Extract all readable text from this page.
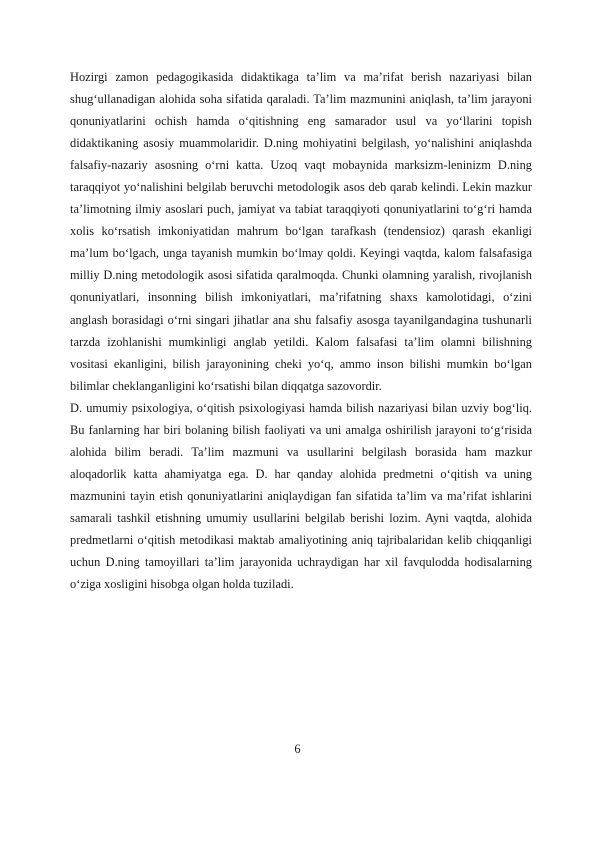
Hozirgi zamon pedagogikasida didaktikaga taʼlim va maʼrifat berish nazariyasi bilan shugʻullanadigan alohida soha sifatida qaraladi. Taʼlim mazmunini aniqlash, taʼlim jarayoni qonuniyatlarini ochish hamda oʻqitishning eng samarador usul va yoʻllarini topish didaktikaning asosiy muammolaridir. D.ning mohiyatini belgilash, yoʻnalishini aniqlashda falsafiy-nazariy asosning oʻrni katta. Uzoq vaqt mobaynida marksizm-leninizm D.ning taraqqiyot yoʻnalishini belgilab beruvchi metodologik asos deb qarab kelindi. Lekin mazkur taʼlimotning ilmiy asoslari puch, jamiyat va tabiat taraqqiyoti qonuniyatlarini toʻgʻri hamda xolis koʻrsatish imkoniyatidan mahrum boʻlgan tarafkash (tendensioz) qarash ekanligi maʼlum boʻlgach, unga tayanish mumkin boʻlmay qoldi. Keyingi vaqtda, kalom falsafasiga milliy D.ning metodologik asosi sifatida qaralmoqda. Chunki olamning yaralish, rivojlanish qonuniyatlari, insonning bilish imkoniyatlari, maʼrifatning shaxs kamolotidagi, oʻzini anglash borasidagi oʻrni singari jihatlar ana shu falsafiy asosga tayanilgandagina tushunarli tarzda izohlanishi mumkinligi anglab yetildi. Kalom falsafasi taʼlim olamni bilishning vositasi ekanligini, bilish jarayonining cheki yoʻq, ammo inson bilishi mumkin boʻlgan bilimlar cheklanganligini koʻrsatishi bilan diqqatga sazovordir.

D. umumiy psixologiya, oʻqitish psixologiyasi hamda bilish nazariyasi bilan uzviy bogʻliq. Bu fanlarning har biri bolaning bilish faoliyati va uni amalga oshirilish jarayoni toʻgʻrisida alohida bilim beradi. Taʼlim mazmuni va usullarini belgilash borasida ham mazkur aloqadorlik katta ahamiyatga ega. D. har qanday alohida predmetni oʻqitish va uning mazmunini tayin etish qonuniyatlarini aniqlaydigan fan sifatida taʼlim va maʼrifat ishlarini samarali tashkil etishning umumiy usullarini belgilab berishi lozim. Ayni vaqtda, alohida predmetlarni oʻqitish metodikasi maktab amaliyotining aniq tajribalaridan kelib chiqqanligi uchun D.ning tamoyillari taʼlim jarayonida uchraydigan har xil favqulodda hodisalarning oʻziga xosligini hisobga olgan holda tuziladi.

6
